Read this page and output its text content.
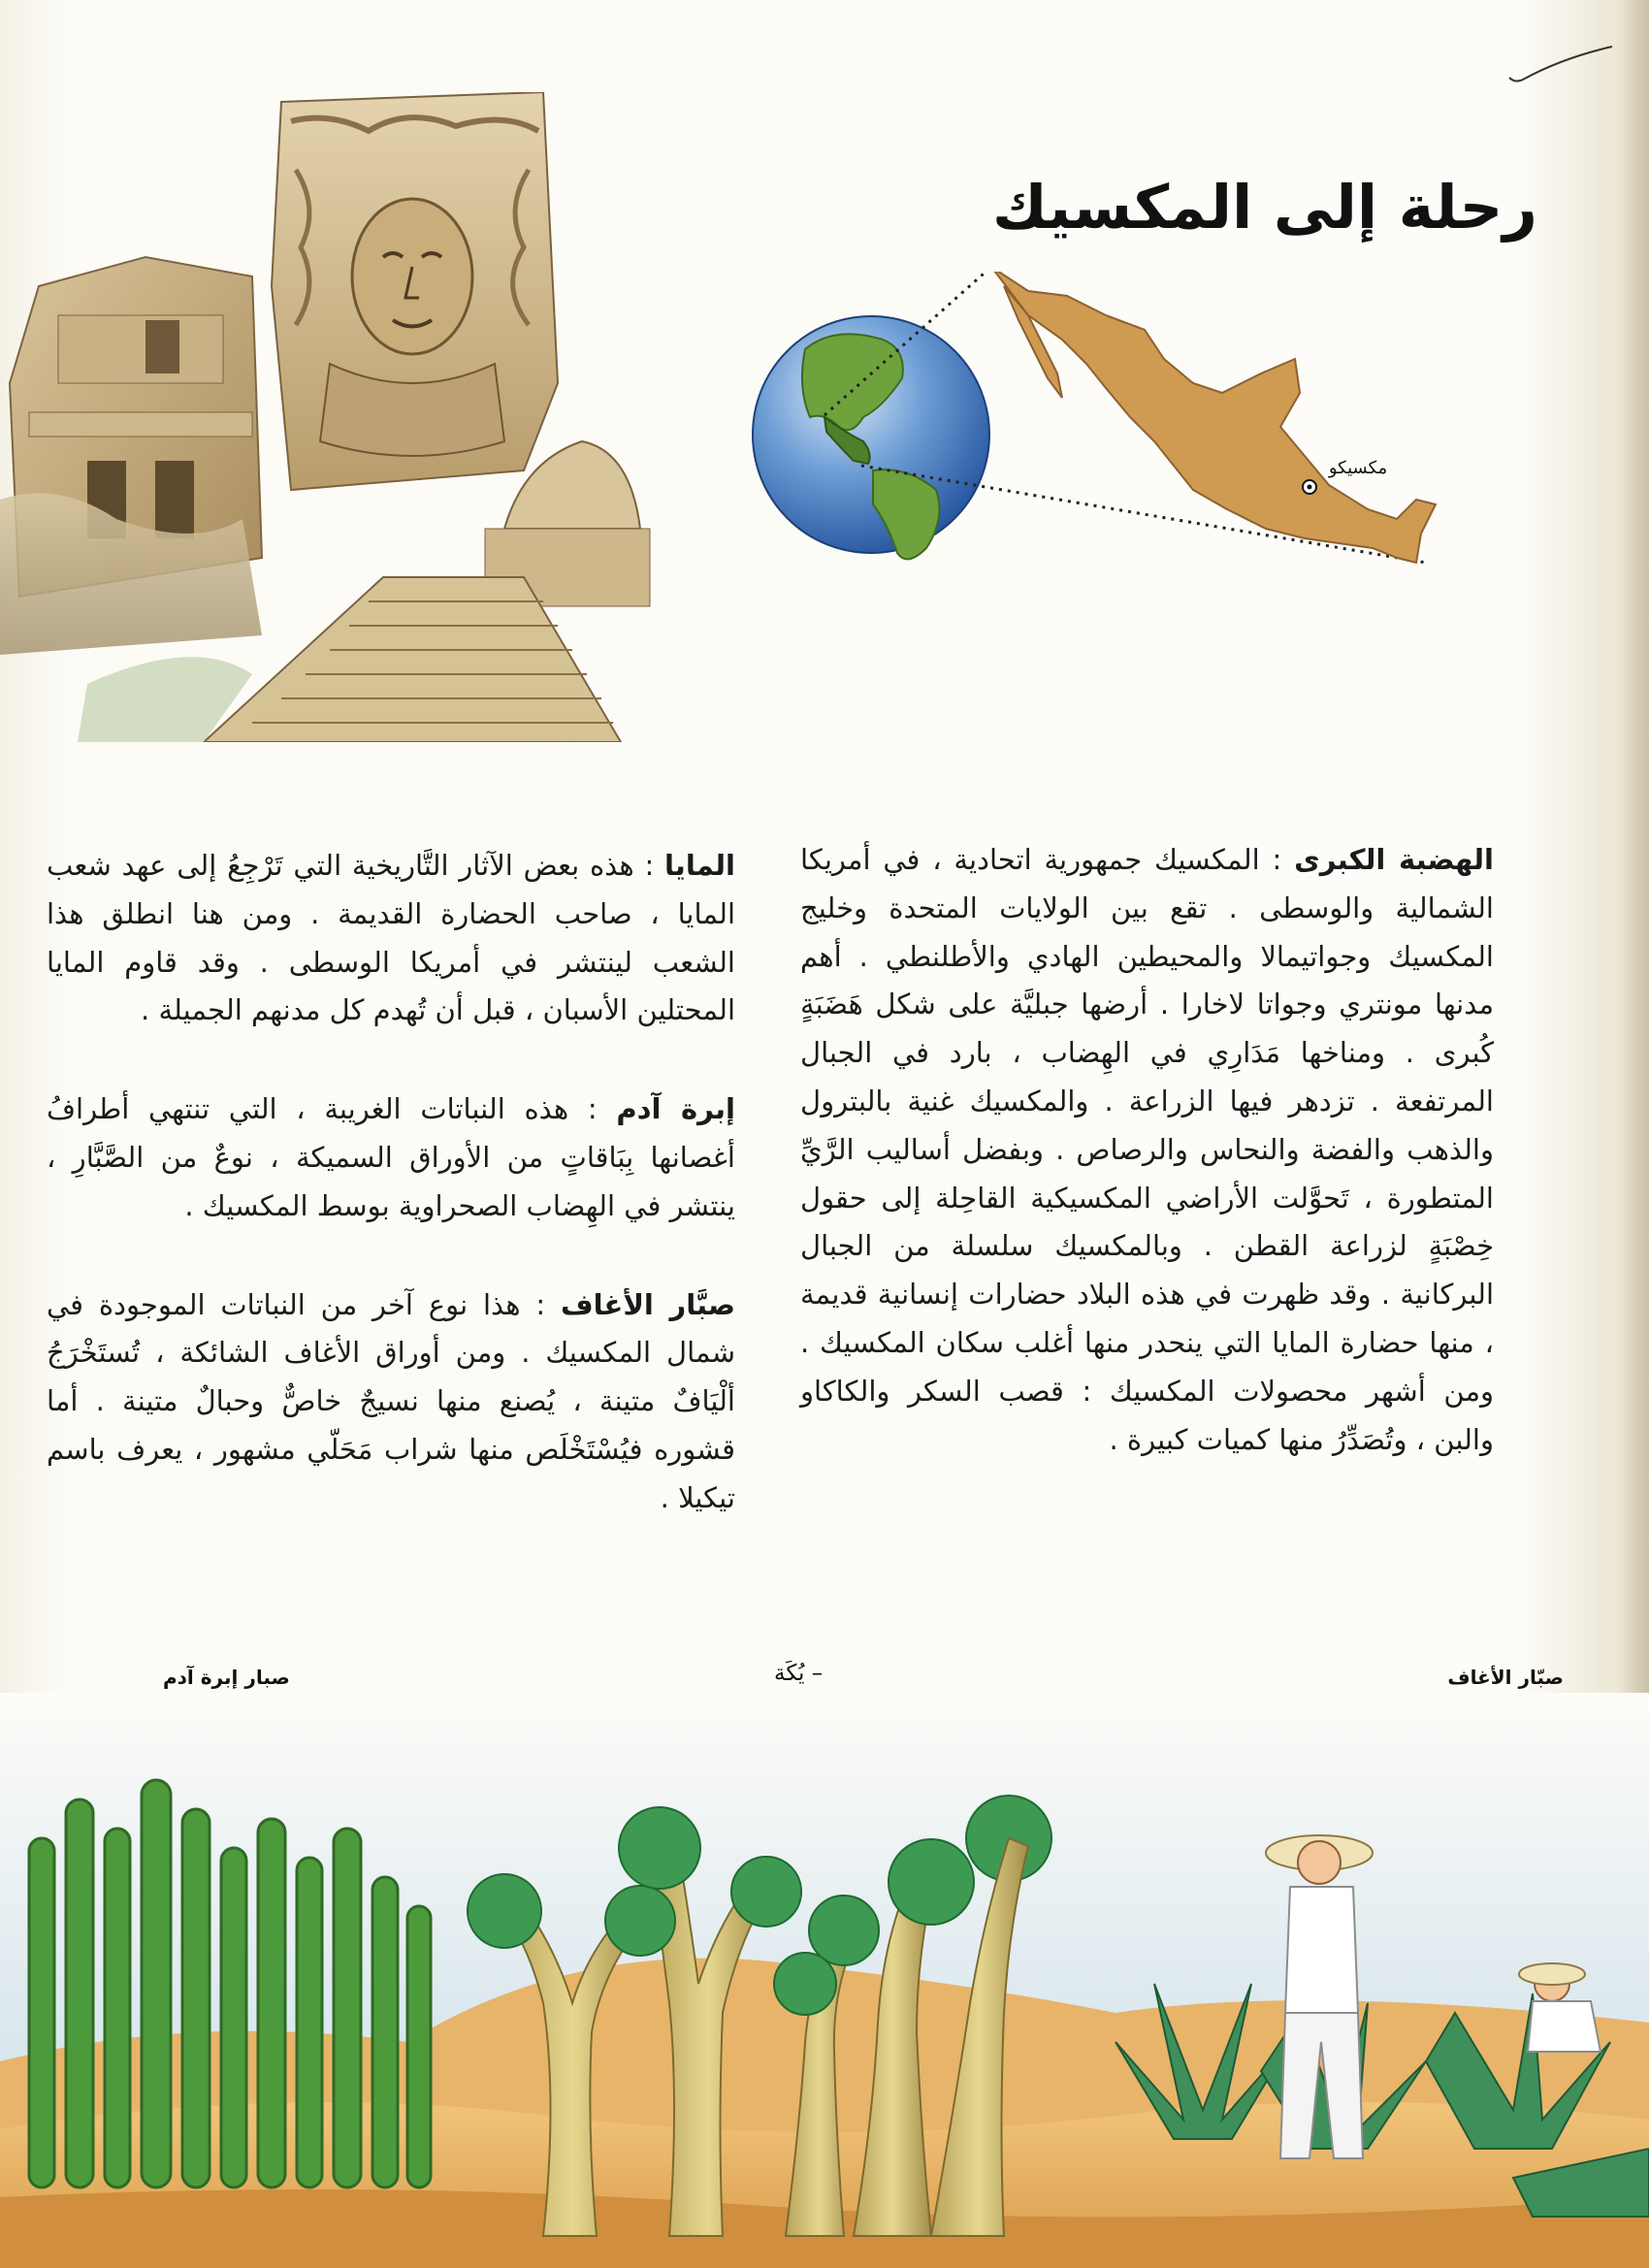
رحلة إلى المكسيك
مكسيكو

الهضبة الكبرى : المكسيك جمهورية اتحادية ، في أمريكا الشمالية والوسطى . تقع بين الولايات المتحدة وخليج المكسيك وجواتيمالا والمحيطين الهادي والأطلنطي . أهم مدنها مونتري وجواتا لاخارا . أرضها جبليَّة على شكل هَضَبَةٍ كُبرى . ومناخها مَدَارِي في الهِضاب ، بارد في الجبال المرتفعة . تزدهر فيها الزراعة . والمكسيك غنية بالبترول والذهب والفضة والنحاس والرصاص . وبفضل أساليب الرَّيِّ المتطورة ، تَحوَّلت الأراضي المكسيكية القاحِلة إلى حقول خِصْبَةٍ لزراعة القطن . وبالمكسيك سلسلة من الجبال البركانية . وقد ظهرت في هذه البلاد حضارات إنسانية قديمة ، منها حضارة المايا التي ينحدر منها أغلب سكان المكسيك . ومن أشهر محصولات المكسيك : قصب السكر والكاكاو والبن ، وتُصَدِّرُ منها كميات كبيرة .

المايا : هذه بعض الآثار التَّاريخية التي تَرْجِعُ إلى عهد شعب المايا ، صاحب الحضارة القديمة . ومن هنا انطلق هذا الشعب لينتشر في أمريكا الوسطى . وقد قاوم المايا المحتلين الأسبان ، قبل أن تُهدم كل مدنهم الجميلة .

إبرة آدم : هذه النباتات الغريبة ، التي تنتهي أطرافُ أغصانها بِبَاقاتٍ من الأوراق السميكة ، نوعٌ من الصَّبَّارِ ، ينتشر في الهِضاب الصحراوية بوسط المكسيك .

صبَّار الأغاف : هذا نوع آخر من النباتات الموجودة في شمال المكسيك . ومن أوراق الأغاف الشائكة ، تُستَخْرَجُ ألْيَافٌ متينة ، يُصنع منها نسيجٌ خاصٌّ وحبالٌ متينة . أما قشوره فيُسْتَخْلَص منها شراب مَحَلّي مشهور ، يعرف باسم تيكيلا .

صبّار الأغاف
– يُكَة
صبار إبرة آدم
